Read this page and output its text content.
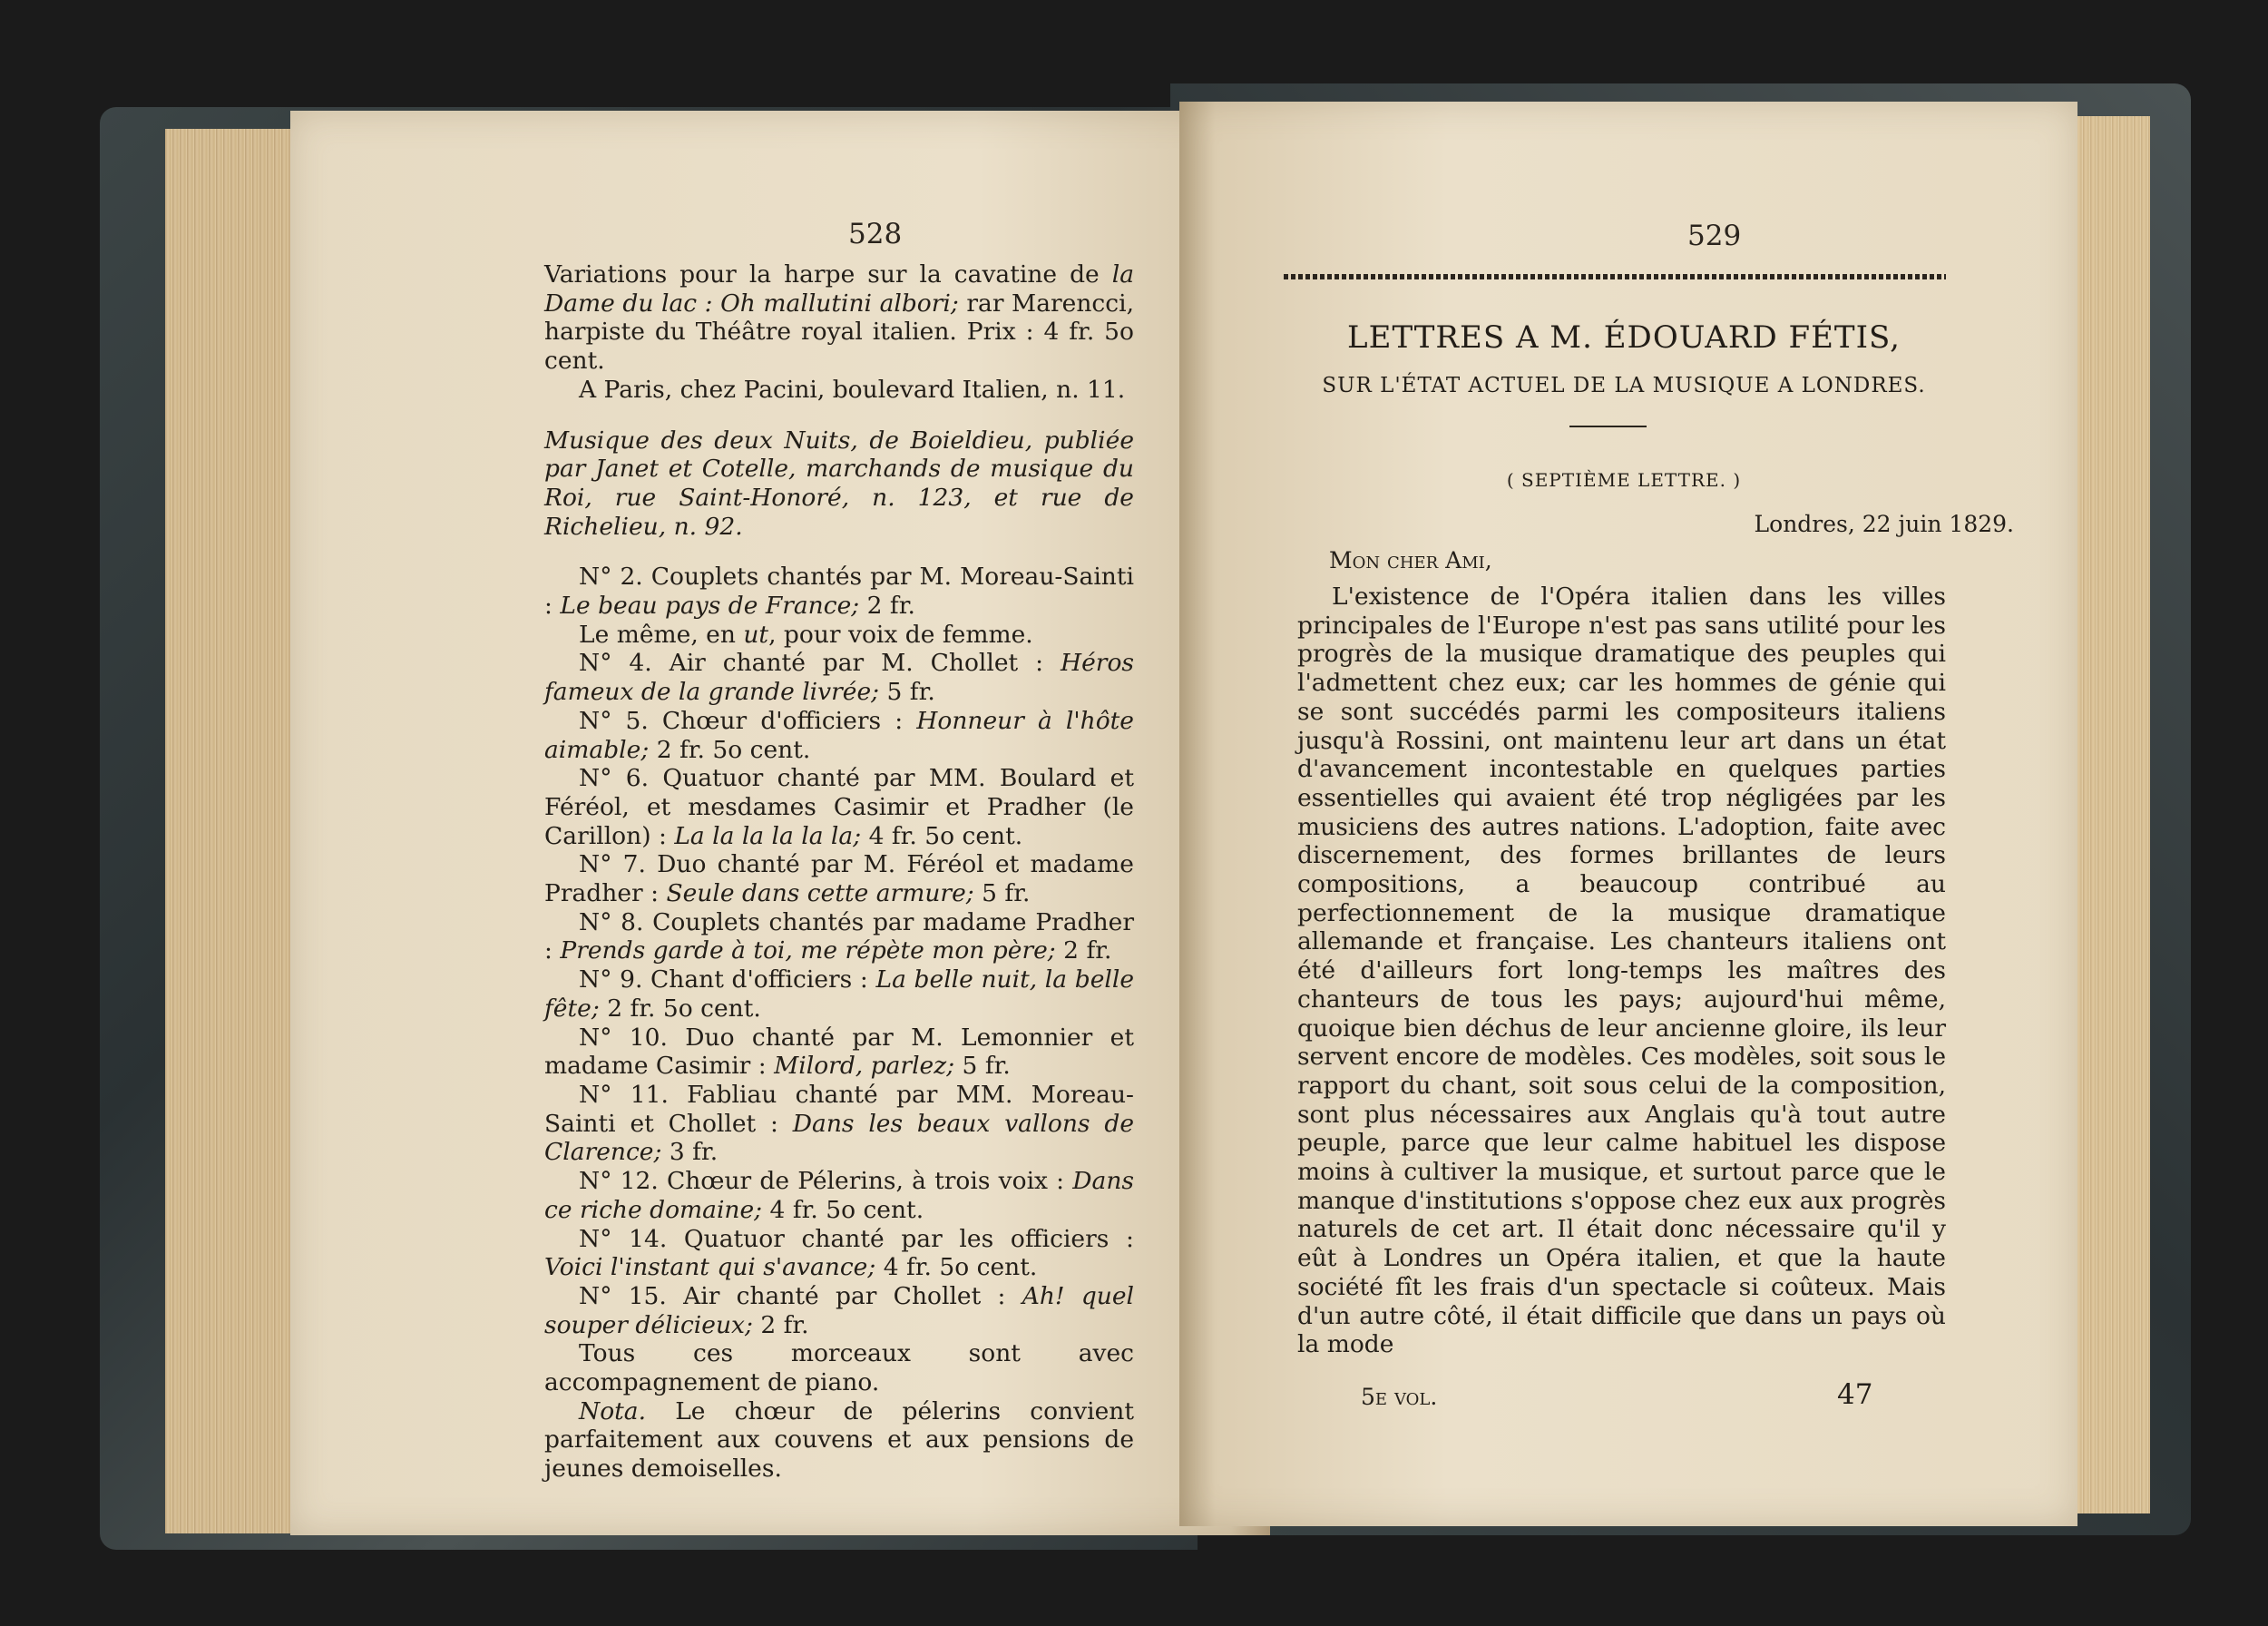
528

Variations pour la harpe sur la cavatine de la Dame du lac : Oh mallutini albori; rar Marencci, harpiste du Théâtre royal italien. Prix : 4 fr. 5o cent.

A Paris, chez Pacini, boulevard Italien, n. 11.

Musique des deux Nuits, de Boieldieu, publiée par Janet et Cotelle, marchands de musique du Roi, rue Saint-Honoré, n. 123, et rue de Richelieu, n. 92.

N° 2. Couplets chantés par M. Moreau-Sainti : Le beau pays de France; 2 fr.

Le même, en ut, pour voix de femme.

N° 4. Air chanté par M. Chollet : Héros fameux de la grande livrée; 5 fr.

N° 5. Chœur d'officiers : Honneur à l'hôte aimable; 2 fr. 5o cent.

N° 6. Quatuor chanté par MM. Boulard et Féréol, et mesdames Casimir et Pradher (le Carillon) : La la la la la la; 4 fr. 5o cent.

N° 7. Duo chanté par M. Féréol et madame Pradher : Seule dans cette armure; 5 fr.

N° 8. Couplets chantés par madame Pradher : Prends garde à toi, me répète mon père; 2 fr.

N° 9. Chant d'officiers : La belle nuit, la belle fête; 2 fr. 5o cent.

N° 10. Duo chanté par M. Lemonnier et madame Casimir : Milord, parlez; 5 fr.

N° 11. Fabliau chanté par MM. Moreau-Sainti et Chollet : Dans les beaux vallons de Clarence; 3 fr.

N° 12. Chœur de Pélerins, à trois voix : Dans ce riche domaine; 4 fr. 5o cent.

N° 14. Quatuor chanté par les officiers : Voici l'instant qui s'avance; 4 fr. 5o cent.

N° 15. Air chanté par Chollet : Ah! quel souper délicieux; 2 fr.

Tous ces morceaux sont avec accompagnement de piano.

Nota. Le chœur de pélerins convient parfaitement aux couvens et aux pensions de jeunes demoiselles.

529
LETTRES A M. ÉDOUARD FÉTIS,
SUR L'ÉTAT ACTUEL DE LA MUSIQUE A LONDRES.
( SEPTIÈME LETTRE. )
Londres, 22 juin 1829.
Mon cher Ami,

L'existence de l'Opéra italien dans les villes principales de l'Europe n'est pas sans utilité pour les progrès de la musique dramatique des peuples qui l'admettent chez eux; car les hommes de génie qui se sont succédés parmi les compositeurs italiens jusqu'à Rossini, ont maintenu leur art dans un état d'avancement incontestable en quelques parties essentielles qui avaient été trop négligées par les musiciens des autres nations. L'adoption, faite avec discernement, des formes brillantes de leurs compositions, a beaucoup contribué au perfectionnement de la musique dramatique allemande et française. Les chanteurs italiens ont été d'ailleurs fort long-temps les maîtres des chanteurs de tous les pays; aujourd'hui même, quoique bien déchus de leur ancienne gloire, ils leur servent encore de modèles. Ces modèles, soit sous le rapport du chant, soit sous celui de la composition, sont plus nécessaires aux Anglais qu'à tout autre peuple, parce que leur calme habituel les dispose moins à cultiver la musique, et surtout parce que le manque d'institutions s'oppose chez eux aux progrès naturels de cet art. Il était donc nécessaire qu'il y eût à Londres un Opéra italien, et que la haute société fît les frais d'un spectacle si coûteux. Mais d'un autre côté, il était difficile que dans un pays où la mode

5e vol.	47
